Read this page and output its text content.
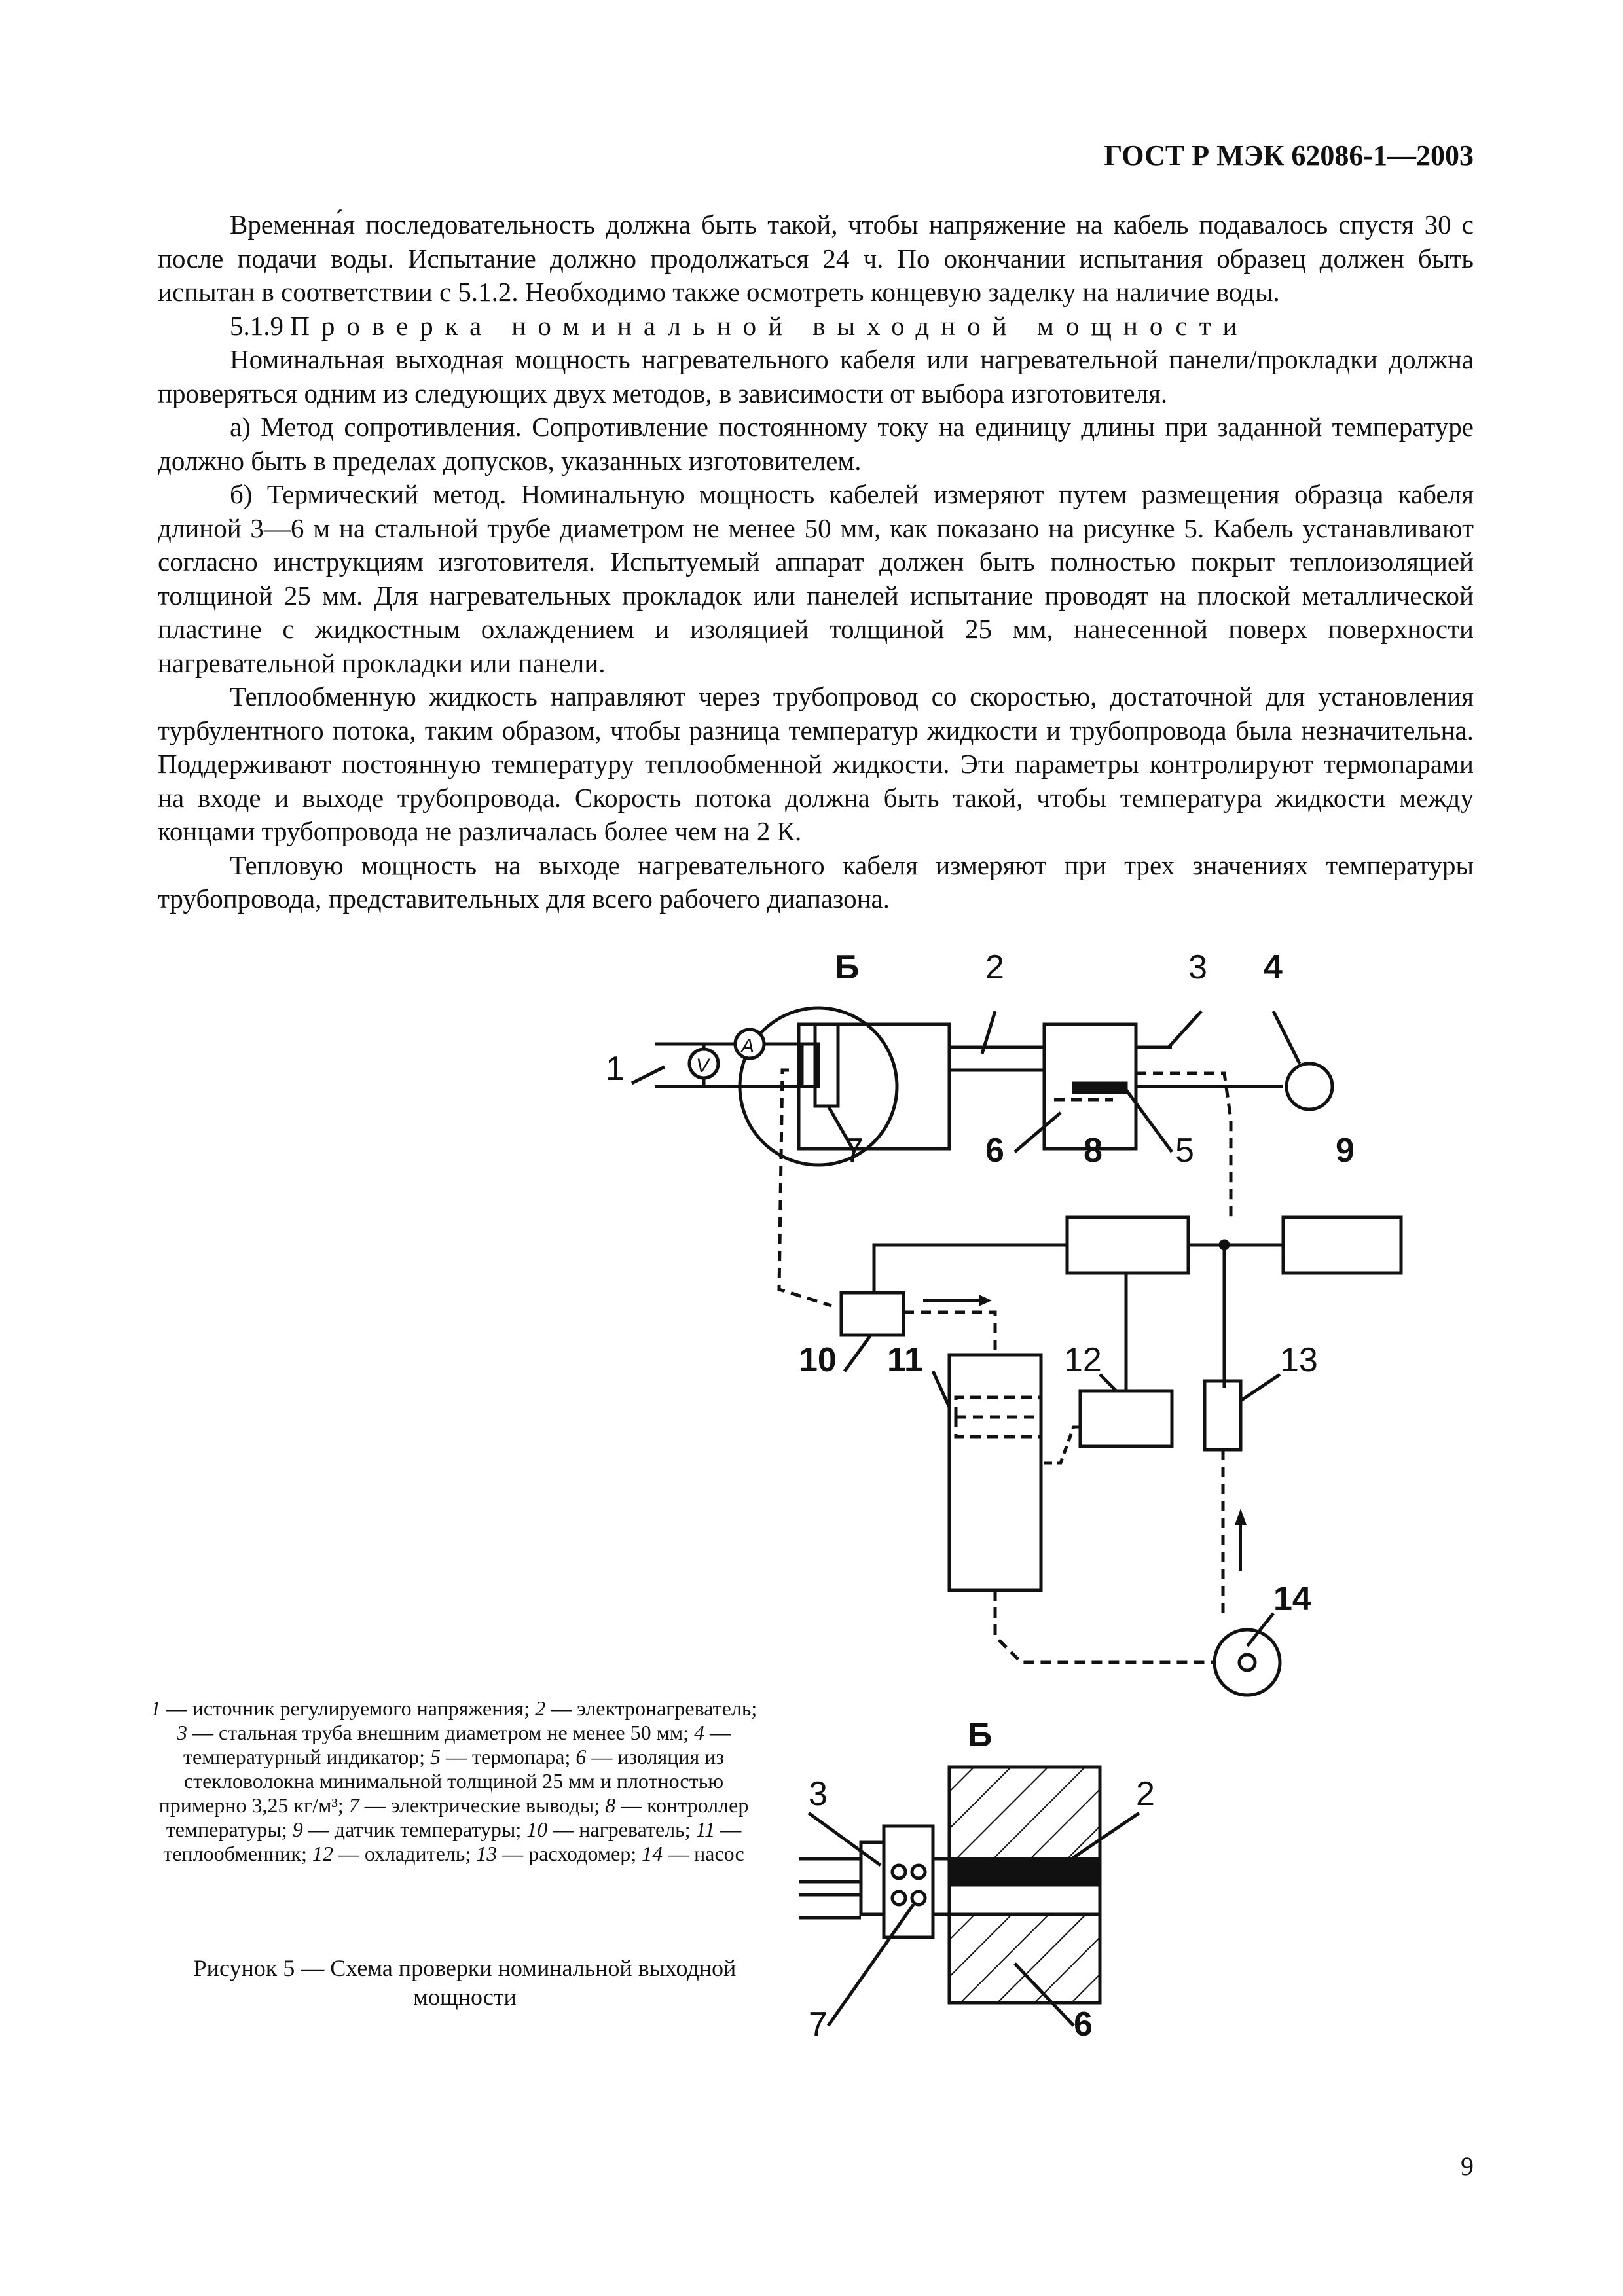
ГОСТ Р МЭК 62086-1—2003

Временна́я последовательность должна быть такой, чтобы напряжение на кабель подавалось спустя 30 с после подачи воды. Испытание должно продолжаться 24 ч. По окончании испытания образец должен быть испытан в соответствии с 5.1.2. Необходимо также осмотреть концевую заделку на наличие воды.

5.1.9 Проверка номинальной выходной мощности

Номинальная выходная мощность нагревательного кабеля или нагревательной панели/прокладки должна проверяться одним из следующих двух методов, в зависимости от выбора изготовителя.

а) Метод сопротивления. Сопротивление постоянному току на единицу длины при заданной температуре должно быть в пределах допусков, указанных изготовителем.

б) Термический метод. Номинальную мощность кабелей измеряют путем размещения образца кабеля длиной 3—6 м на стальной трубе диаметром не менее 50 мм, как показано на рисунке 5. Кабель устанавливают согласно инструкциям изготовителя. Испытуемый аппарат должен быть полностью покрыт теплоизоляцией толщиной 25 мм. Для нагревательных прокладок или панелей испытание проводят на плоской металлической пластине с жидкостным охлаждением и изоляцией толщиной 25 мм, нанесенной поверх поверхности нагревательной прокладки или панели.

Теплообменную жидкость направляют через трубопровод со скоростью, достаточной для установления турбулентного потока, таким образом, чтобы разница температур жидкости и трубопровода была незначительна. Поддерживают постоянную температуру теплообменной жидкости. Эти параметры контролируют термопарами на входе и выходе трубопровода. Скорость потока должна быть такой, чтобы температура жидкости между концами трубопровода не различалась более чем на 2 К.

Тепловую мощность на выходе нагревательного кабеля измеряют при трех значениях температуры трубопровода, представительных для всего рабочего диапазона.

Б
1
2	3 4
5
6
7	8	9
10 11	12	13
14
A
V
Б
3	2
7	6
1 — источник регулируемого напряжения; 2 — электронагреватель; 3 — стальная труба внешним диаметром не менее 50 мм; 4 — температурный индикатор; 5 — термопара; 6 — изоляция из стекловолокна минимальной толщиной 25 мм и плотностью примерно 3,25 кг/м³; 7 — электрические выводы; 8 — контроллер температуры; 9 — датчик температуры; 10 — нагреватель; 11 — теплообменник; 12 — охладитель; 13 — расходомер; 14 — насос
Рисунок 5 — Схема проверки номинальной выходной мощности
9
